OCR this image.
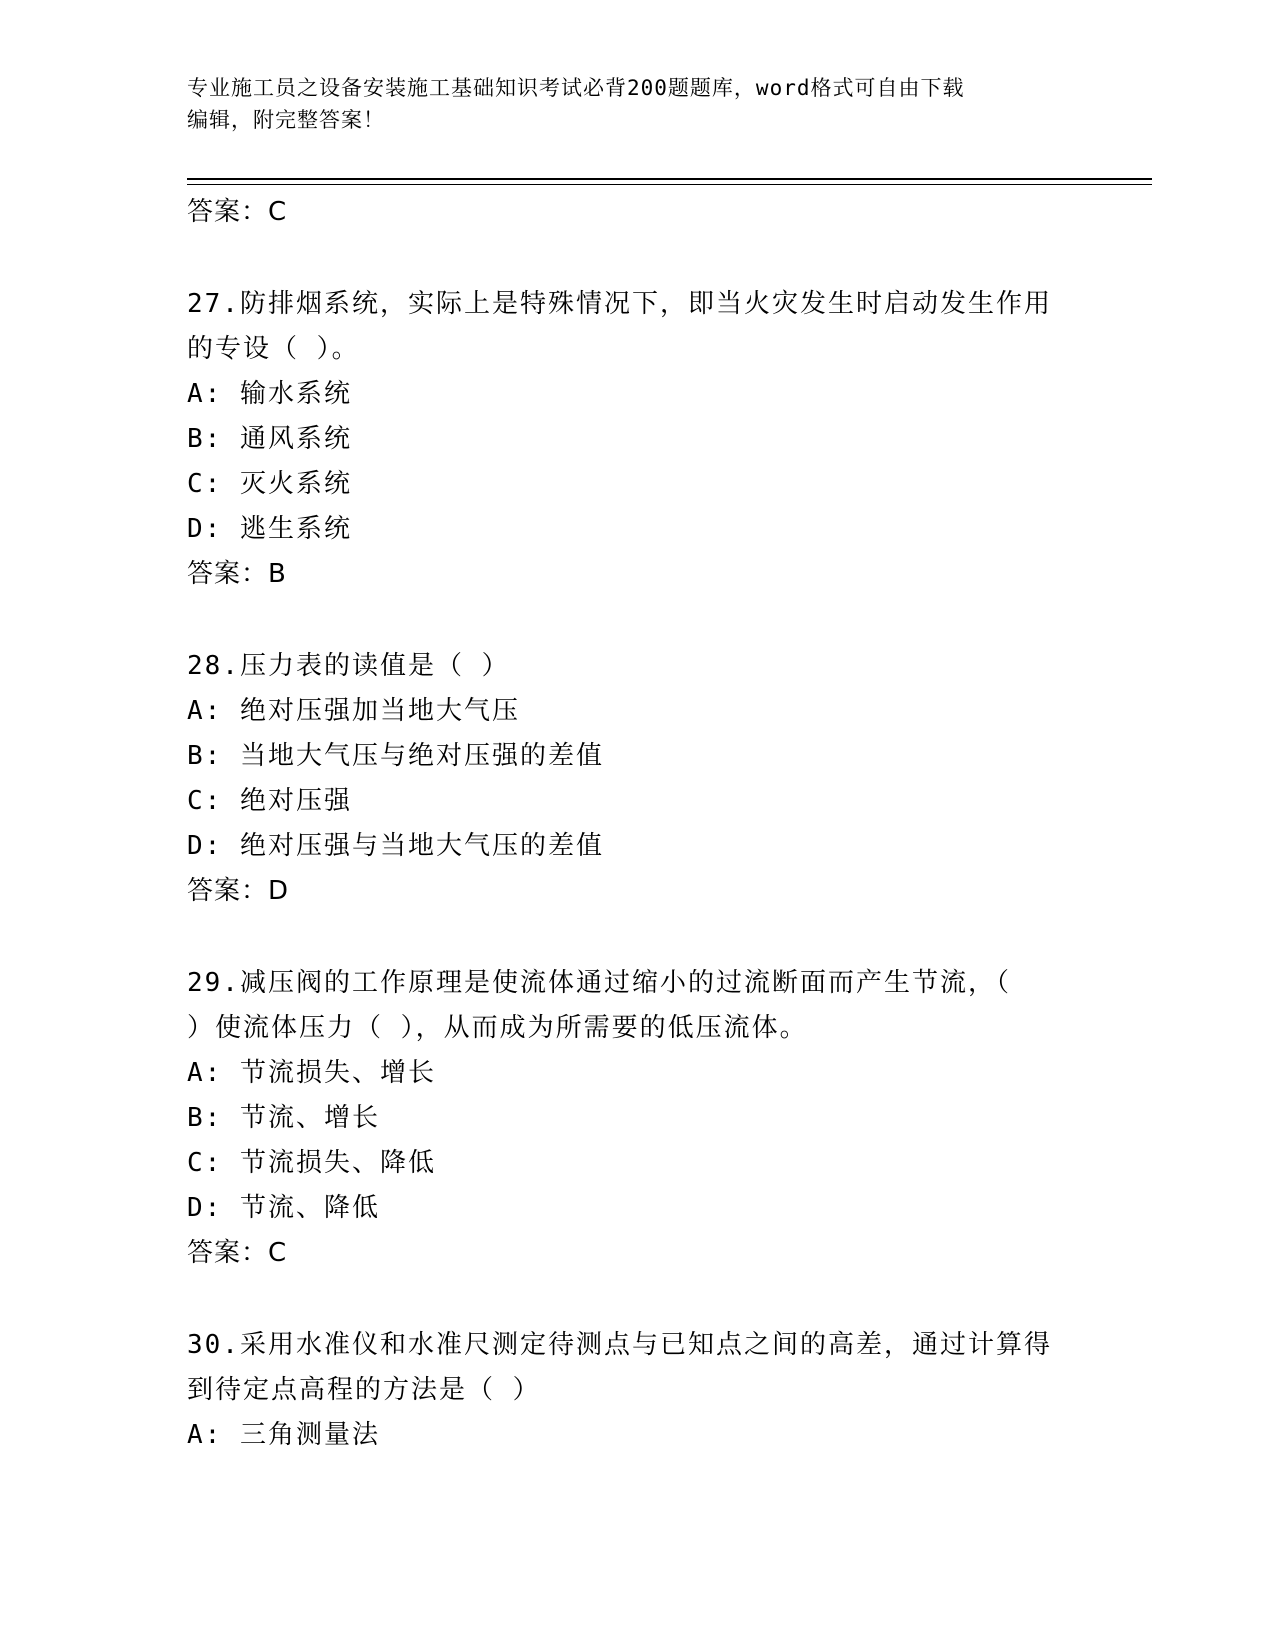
专业施工员之设备安装施工基础知识考试必背200题题库，word格式可自由下载
编辑，附完整答案！
答案：C
27.防排烟系统，实际上是特殊情况下，即当火灾发生时启动发生作用
的专设（ ）。
A: 输水系统
B: 通风系统
C: 灭火系统
D: 逃生系统
答案：B
28.压力表的读值是（ ）
A: 绝对压强加当地大气压
B: 当地大气压与绝对压强的差值
C: 绝对压强
D: 绝对压强与当地大气压的差值
答案：D
29.减压阀的工作原理是使流体通过缩小的过流断面而产生节流，（
）使流体压力（ ），从而成为所需要的低压流体。
A: 节流损失、增长
B: 节流、增长
C: 节流损失、降低
D: 节流、降低
答案：C
30.采用水准仪和水准尺测定待测点与已知点之间的高差，通过计算得
到待定点高程的方法是（ ）
A: 三角测量法
